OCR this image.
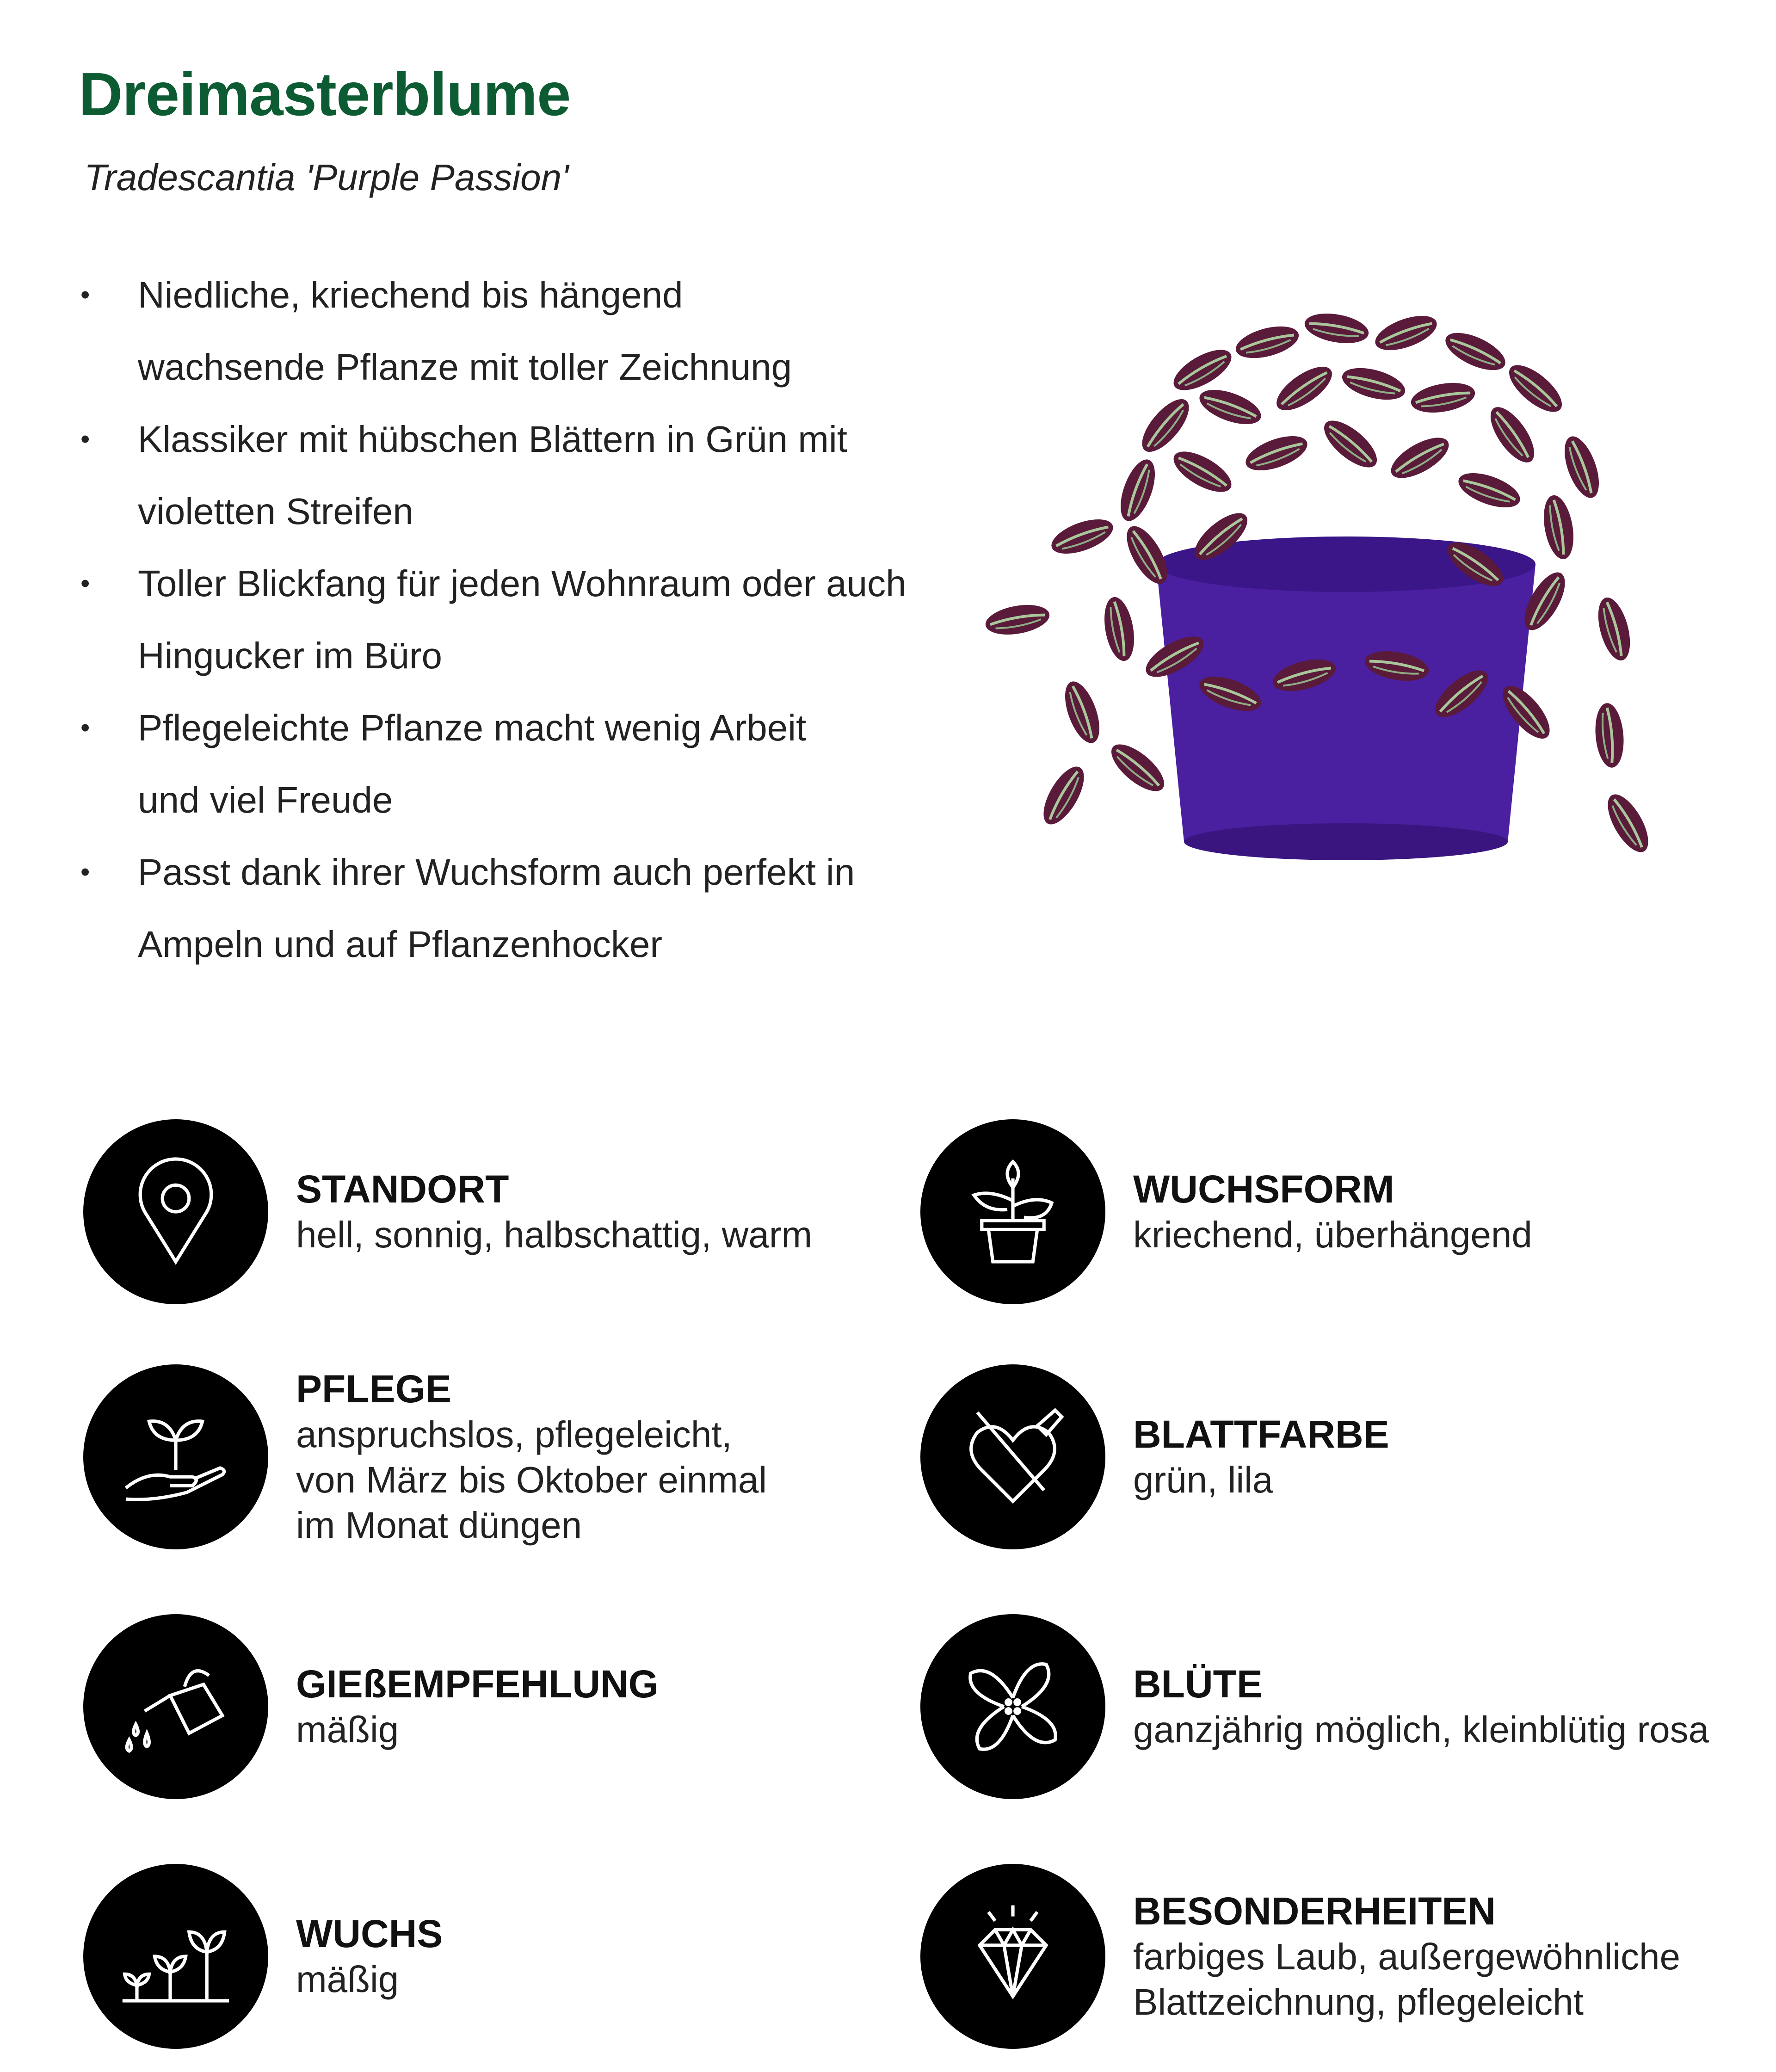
Dreimasterblume
Tradescantia 'Purple Passion'
• Niedliche, kriechend bis hängend wachsende Pflanze mit toller Zeichnung
• Klassiker mit hübschen Blättern in Grün mit violetten Streifen
• Toller Blickfang für jeden Wohnraum oder auch Hingucker im Büro
• Pflegeleichte Pflanze macht wenig Arbeit und viel Freude
• Passt dank ihrer Wuchsform auch perfekt in Ampeln und auf Pflanzenhocker
STANDORT
hell, sonnig, halbschattig, warm
WUCHSFORM
kriechend, überhängend
PFLEGE
anspruchslos, pflegeleicht,
von März bis Oktober einmal
im Monat düngen
BLATTFARBE
grün, lila
GIEßEMPFEHLUNG
mäßig
BLÜTE
ganzjährig möglich, kleinblütig rosa
WUCHS
mäßig
BESONDERHEITEN
farbiges Laub, außergewöhnliche
Blattzeichnung, pflegeleicht
